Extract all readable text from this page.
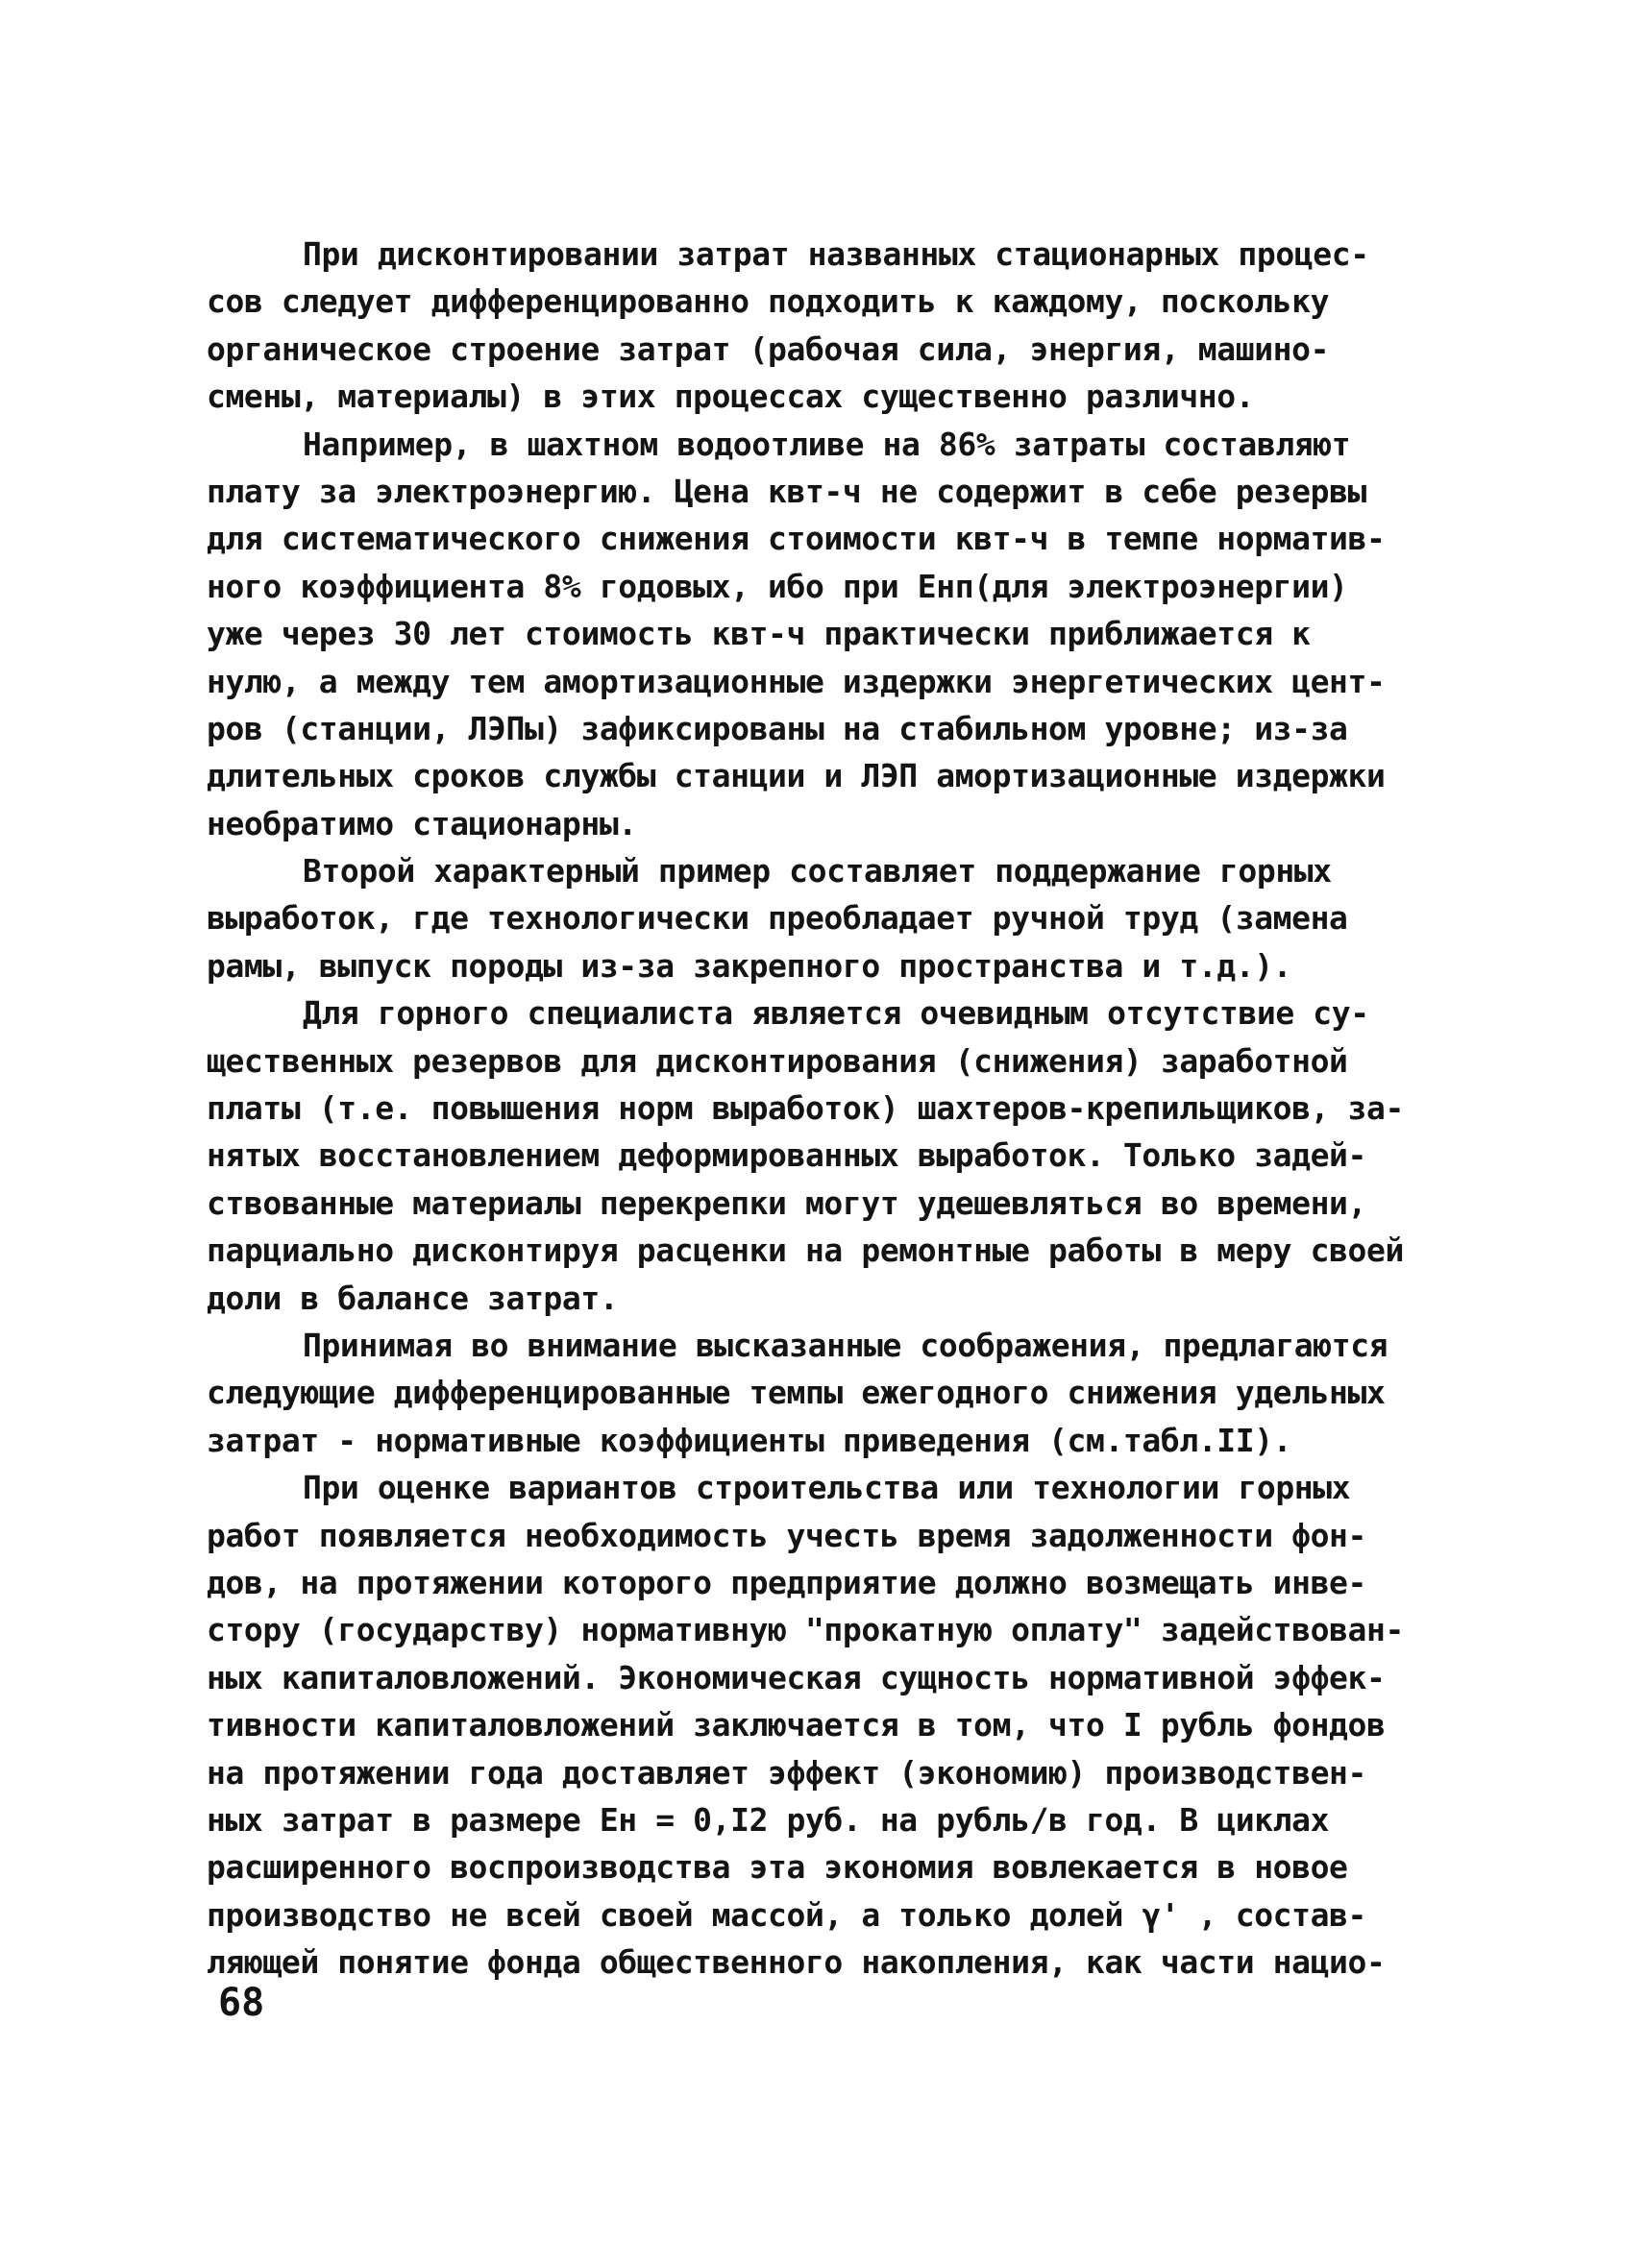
При дисконтировании затрат названных стационарных процес-
сов следует дифференцированно подходить к каждому, поскольку
органическое строение затрат (рабочая сила, энергия, машино-
смены, материалы) в этих процессах существенно различно.
Например, в шахтном водоотливе на 86% затраты составляют
плату за электроэнергию. Цена квт-ч не содержит в себе резервы
для систематического снижения стоимости квт-ч в темпе норматив-
ного коэффициента 8% годовых, ибо при Енп(для электроэнергии)
уже через 30 лет стоимость квт-ч практически приближается к
нулю, а между тем амортизационные издержки энергетических цент-
ров (станции, ЛЭПы) зафиксированы на стабильном уровне; из-за
длительных сроков службы станции и ЛЭП амортизационные издержки
необратимо стационарны.
Второй характерный пример составляет поддержание горных
выработок, где технологически преобладает ручной труд (замена
рамы, выпуск породы из-за закрепного пространства и т.д.).
Для горного специалиста является очевидным отсутствие су-
щественных резервов для дисконтирования (снижения) заработной
платы (т.е. повышения норм выработок) шахтеров-крепильщиков, за-
нятых восстановлением деформированных выработок. Только задей-
ствованные материалы перекрепки могут удешевляться во времени,
парциально дисконтируя расценки на ремонтные работы в меру своей
доли в балансе затрат.
Принимая во внимание высказанные соображения, предлагаются
следующие дифференцированные темпы ежегодного снижения удельных
затрат - нормативные коэффициенты приведения (см.табл.II).
При оценке вариантов строительства или технологии горных
работ появляется необходимость учесть время задолженности фон-
дов, на протяжении которого предприятие должно возмещать инве-
стору (государству) нормативную "прокатную оплату" задействован-
ных капиталовложений. Экономическая сущность нормативной эффек-
тивности капиталовложений заключается в том, что I рубль фондов
на протяжении года доставляет эффект (экономию) производствен-
ных затрат в размере Eн = 0,I2 руб. на рубль/в год. В циклах
расширенного воспроизводства эта экономия вовлекается в новое
производство не всей своей массой, а только долей γ' , состав-
ляющей понятие фонда общественного накопления, как части нацио-
68
